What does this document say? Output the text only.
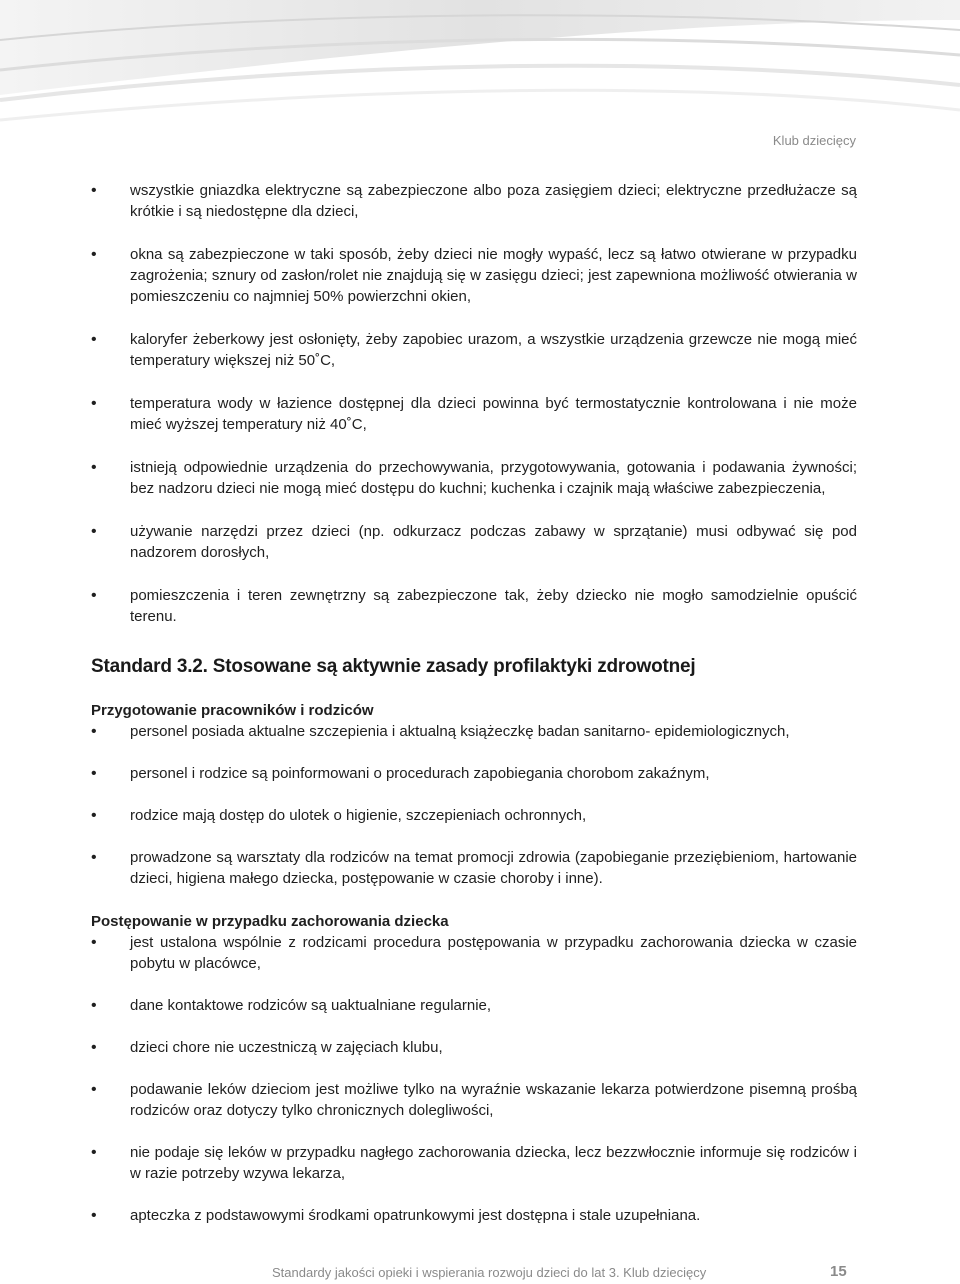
Klub dziecięcy
• wszystkie gniazdka elektryczne są zabezpieczone albo poza zasięgiem dzieci; elektryczne przedłużacze są krótkie i są niedostępne dla dzieci,
• okna są zabezpieczone w taki sposób, żeby dzieci nie mogły wypaść, lecz są łatwo otwierane w przypadku zagrożenia; sznury od zasłon/rolet nie znajdują się w zasięgu dzieci; jest zapewniona możliwość otwierania w pomieszczeniu co najmniej 50% powierzchni okien,
• kaloryfer żeberkowy jest osłonięty, żeby zapobiec urazom, a wszystkie urządzenia grzewcze nie mogą mieć temperatury większej niż 50˚C,
• temperatura wody w łazience dostępnej dla dzieci powinna być termostatycznie kontrolowana i nie może mieć wyższej temperatury niż 40˚C,
• istnieją odpowiednie urządzenia do przechowywania, przygotowywania, gotowania i podawania żywności; bez nadzoru dzieci nie mogą mieć dostępu do kuchni; kuchenka i czajnik mają właściwe zabezpieczenia,
• używanie narzędzi przez dzieci (np. odkurzacz podczas zabawy w sprzątanie) musi odbywać się pod nadzorem dorosłych,
• pomieszczenia i teren zewnętrzny są zabezpieczone tak, żeby dziecko nie mogło samodzielnie opuścić terenu.
Standard 3.2. Stosowane są aktywnie zasady profilaktyki zdrowotnej
Przygotowanie pracowników i rodziców
• personel posiada aktualne szczepienia i aktualną książeczkę badan sanitarno- epidemiologicznych,
• personel i rodzice są poinformowani o procedurach zapobiegania chorobom zakaźnym,
• rodzice mają dostęp do ulotek o higienie, szczepieniach ochronnych,
• prowadzone są warsztaty dla rodziców na temat promocji zdrowia (zapobieganie przeziębieniom, hartowanie dzieci, higiena małego dziecka, postępowanie w czasie choroby i inne).
Postępowanie w przypadku zachorowania dziecka
• jest ustalona wspólnie z rodzicami procedura postępowania w przypadku zachorowania dziecka w czasie pobytu w placówce,
• dane kontaktowe rodziców są uaktualniane regularnie,
• dzieci chore nie uczestniczą w zajęciach klubu,
• podawanie leków dzieciom jest możliwe tylko na wyraźnie wskazanie lekarza potwierdzone pisemną prośbą rodziców oraz dotyczy tylko chronicznych dolegliwości,
• nie podaje się leków w przypadku nagłego zachorowania dziecka, lecz bezzwłocznie informuje się rodziców i w razie potrzeby wzywa lekarza,
• apteczka z podstawowymi środkami opatrunkowymi jest dostępna i stale uzupełniana.
Standardy jakości opieki i wspierania rozwoju dzieci do lat 3. Klub dziecięcy	15
